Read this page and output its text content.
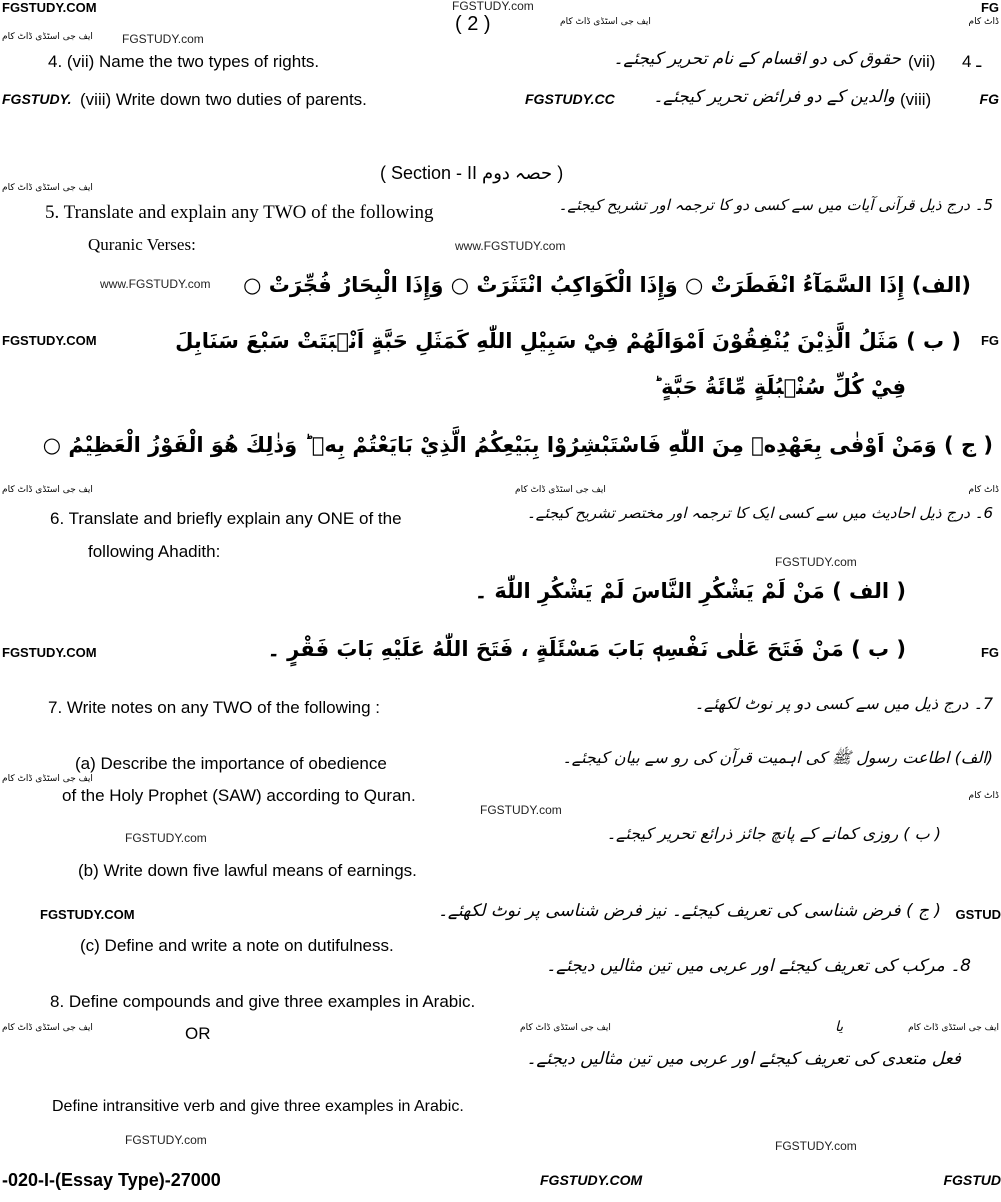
FGSTUDY.COM	FGSTUDY.com	FG
( 2 )	ایف جی اسٹڈی ڈاٹ کام	ڈاٹ کام
ایف جی اسٹڈی ڈاٹ کام FGSTUDY.com
4. (vii) Name the two types of rights.	حقوق کی دو اقسام کے نام تحریر کیجئے۔ (vii) 4 ـ
FGSTUDY. (viii) Write down two duties of parents.	FGSTUDY.CC	والدین کے دو فرائض تحریر کیجئے۔ (viii)	FG
( Section - II حصہ دوم )
ایف جی اسٹڈی ڈاٹ کام
5. Translate and explain any TWO of the following	5۔ درج ذیل قرآنی آیات میں سے کسی دو کا ترجمہ اور تشریح کیجئے۔
Quranic Verses:	www.FGSTUDY.com
www.FGSTUDY.com	(الف) إِذَا السَّمَآءُ انْفَطَرَتْ ○ وَإِذَا الْكَوَاكِبُ انْتَثَرَتْ ○ وَإِذَا الْبِحَارُ فُجِّرَتْ ○
FGSTUDY.COM	( ب ) مَثَلُ الَّذِيْنَ يُنْفِقُوْنَ اَمْوَالَهُمْ فِيْ سَبِيْلِ اللّٰهِ كَمَثَلِ حَبَّةٍ اَنْۢبَتَتْ سَبْعَ سَنَابِلَ FG
فِيْ كُلِّ سُنْۢبُلَةٍ مِّائَةُ حَبَّةٍ ؕ
( ج ) وَمَنْ اَوْفٰى بِعَهْدِهٖ مِنَ اللّٰهِ فَاسْتَبْشِرُوْا بِبَيْعِكُمُ الَّذِيْ بَايَعْتُمْ بِهٖ ؕ وَذٰلِكَ هُوَ الْفَوْزُ الْعَظِيْمُ ○
ایف جی اسٹڈی ڈاٹ کام	ایف جی اسٹڈی ڈاٹ کام	ڈاٹ کام
6. Translate and briefly explain any ONE of the	6۔ درج ذیل احادیث میں سے کسی ایک کا ترجمہ اور مختصر تشریح کیجئے۔
following Ahadith:
FGSTUDY.com
( الف ) مَنْ لَمْ يَشْكُرِ النَّاسَ لَمْ يَشْكُرِ اللّٰهَ ۔
FGSTUDY.COM	( ب ) مَنْ فَتَحَ عَلٰى نَفْسِهٖ بَابَ مَسْئَلَةٍ ، فَتَحَ اللّٰهُ عَلَيْهِ بَابَ فَقْرٍ ۔	FG
7. Write notes on any TWO of the following :	7۔ درج ذیل میں سے کسی دو پر نوٹ لکھئے۔
(a) Describe the importance of obedience	(الف) اطاعت رسول ﷺ کی اہمیت قرآن کی رو سے بیان کیجئے۔
ایف جی اسٹڈی ڈاٹ کام
of the Holy Prophet (SAW) according to Quran.
FGSTUDY.com
ڈاٹ کام
FGSTUDY.com	( ب ) روزی کمانے کے پانچ جائز ذرائع تحریر کیجئے۔
(b) Write down five lawful means of earnings.
FGSTUDY.COM	( ج ) فرض شناسی کی تعریف کیجئے۔ نیز فرض شناسی پر نوٹ لکھئے۔ GSTUD
(c) Define and write a note on dutifulness.
8۔ مرکب کی تعریف کیجئے اور عربی میں تین مثالیں دیجئے۔
8. Define compounds and give three examples in Arabic.
ایف جی اسٹڈی ڈاٹ کام	OR	ایف جی اسٹڈی ڈاٹ کام	یا	ایف جی اسٹڈی ڈاٹ کام
فعل متعدی کی تعریف کیجئے اور عربی میں تین مثالیں دیجئے۔
Define intransitive verb and give three examples in Arabic.
FGSTUDY.com	FGSTUDY.com
-020-I-(Essay Type)-27000	FGSTUDY.COM	FGSTUD
